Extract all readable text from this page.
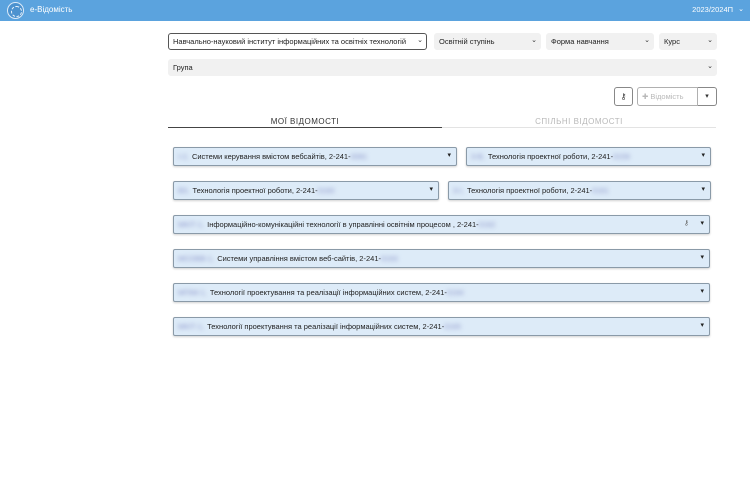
е-Відомість	2023/2024П ⌄
Навчально-науковий інститут інформаційних та освітніх технологій ⌄	Освітній ступінь	⌄	Форма навчання	⌄	Курс	⌄
Група	⌄
⚷	✚ Відомість	▾
МОЇ ВІДОМОСТІ	СПІЛЬНІ ВІДОМОСТІ
І-2, Системи керування вмістом вебсайтів, 2-241-0081	▾	3-В, Технологія проектної роботи, 2-241-0159	▾
ВЗ, Технологія проектної роботи, 2-241-0160	▾	3-І, Технологія проектної роботи, 2-241-0161	▾
МКІТ-1, Інформаційно-комунікаційні технології в управлінні освітнім процесом , 2-241-0162	⚷ ▾
МСОВВ-1, Системи управління вмістом веб-сайтів, 2-241-0163	▾
МПІМ-1, Технології проектування та реалізації інформаційних систем, 2-241-0164	▾
МКІТ-1, Технології проектування та реалізації інформаційних систем, 2-241-0165	▾
